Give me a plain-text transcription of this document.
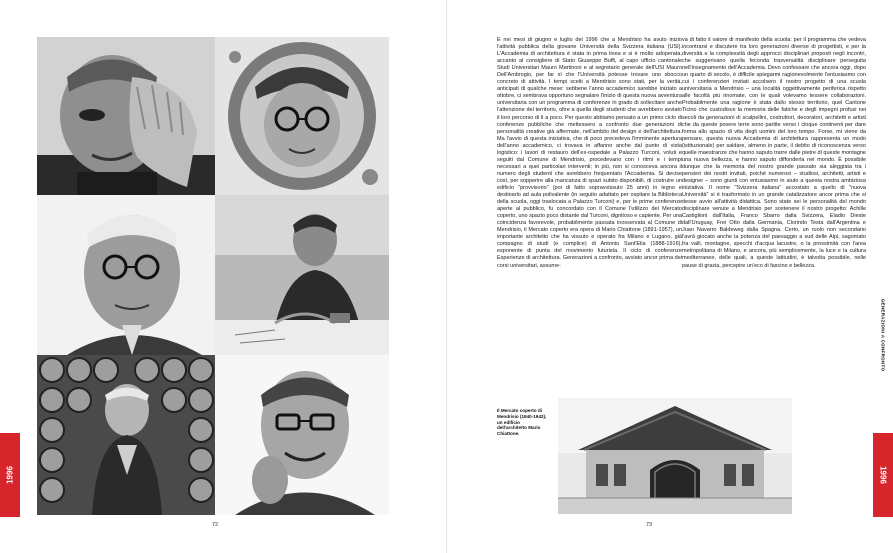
1996	1996
GENERAZIONI A CONFRONTO

È nei mesi di giugno e luglio del 1996 che a Mendrisio ha avuto inizio l'attività pubblica della giovane Università della Svizzera italiana (USI). L'Accademia di architettura è stata in prima linea e si è molto adoperata, accanto al consigliere di Stato Giuseppe Buffi, al capo ufficio cantonale Studi Universitari Mauro Martinoni e al segretario generale dell'USI Mauro Dell'Ambrogio, per far sì che l'Università potesse trovare uno sbocco concreto di attività. I tempi scelti a Mendrisio sono stati, per la verità, anticipati di qualche mese: sebbene l'anno accademico sarebbe iniziato a ottobre, ci sembrava opportuno segnalare l'inizio di questa nuova avventura universitaria con un programma di conferenze in grado di sollecitare anche l'attenzione del territorio, oltre a quella degli studenti che avrebbero avviato il loro percorso di lì a poco. Per questo abbiamo pensato a un primo ciclo di conferenze pubbliche che mettessero a confronto due generazioni di personalità creative già affermate, nell'ambito del design e dell'architettura. Ma l'avvio di questa iniziativa, che di poco precedeva l'imminente apertura dell'anno accademico, ci trovava in affanno anche dal punto di vista logistico: i lavori di restauro dell'ex-ospedale a Palazzo Turconi, voluti e seguiti dal Comune di Mendrisio, procedevano con i ritmi e i tempi necessari a quei particolari interventi; in più, non si conosceva ancora il numero degli studenti che avrebbero frequentato l'Accademia. Si decise così, per sopperire alla mancanza di spazi subito disponibili, di costruire un edificio "provvisorio" (poi di fatto sopravvissuto 25 anni) in legno e destinarlo ad aula polivalente (in seguito adattato per ospitare la Biblioteca della scuola, oggi traslocata a Palazzo Turconi) e, per le prime conferenze aperte al pubblico, fu concordato con il Comune l'utilizzo del Mercato coperto, uno spazio poco distante dal Turconi, dignitoso e capiente. Per una coincidenza favorevole, probabilmente passata inosservata al Comune di Mendrisio, il Mercato coperto era opera di Mario Chiattone (1891-1957), un importante architetto che ha vissuto e operato fra Milano e Lugano, già compagno di studi (e complice) di Antonio Sant'Elia (1888-1916), esponente di punta del movimento futurista. Il ciclo di conferenze Esperienze di architettura. Generazioni a confronto, avviato ancor prima dei corsi universitari, assume-

va di fatto il valore di manifesto della scuola: per il programma che vedeva incontrarsi e discutere tra loro generazioni diverse di progettisti, e per la diversità e la complessità degli approcci disciplinari proposti negli incontri, che suggerivano quella feconda trasversalità disciplinare perseguita nell'insegnamento dell'Accademia. Devo confessare che ancora oggi, dopo un quarto di secolo, è difficile spiegarmi ragionevolmente l'entusiasmo con cui i conferenzieri invitati accolsero il nostro progetto di una scuola universitaria a Mendrisio – una località oggettivamente periferica rispetto alle facoltà più rinomate, con le quali volevamo tessere collaborazioni. Probabilmente una ragione è stata dallo stesso territorio, quel Cantone Ticino che custodisce la memoria delle fatiche e degli impegni profusi nei secoli da generazioni di scalpellini, costruttori, decoratori, architetti e artisti che da queste povere terre sono partite verso i cinque continenti per dare forma allo spazio di vita degli uomini del loro tempo. Forse, mi viene da pensare, questa nuova Accademia di architettura rappresenta un modo (istituzionale) per saldare, almeno in parte, il debito di riconoscenza verso quelle maestranze che hanno saputo trarre dalle pietre di queste montagne una nuova bellezza, e hanno saputo diffonderla nel mondo. È possibile dunque che la memoria del nostro grande passato sia aleggiata tra i pensieri dei nostri invitati, poiché numerosi – studiosi, architetti, artisti e designer – sono giunti con entusiasmo in aiuto a questa nostra ambiziosa iniziativa. Il nome "Svizzera italiana" accostato a quello di "nuova Università" si è trasformato in un grande catalizzatore ancor prima che si desse avvio all'attività didattica. Sono state sei le personalità del mondo disciplinare venute a Mendrisio per sostenere il nostro progetto: Achille Castiglioni dall'Italia, Franco Sbarro dalla Svizzera, Eladio Dieste dall'Uruguay, Frei Otto dalla Germania, Clorindo Testa dall'Argentina e Juan Navarro Baldeweg dalla Spagna. Certo, un ruolo non secondario l'avrà giocato anche la potenza del paesaggio a sud delle Alpi, sagomato fra valli, montagne, specchi d'acqua lacustre, o la prossimità con l'area metropolitana di Milano, e ancora, più semplicemente, la luce e la cultura mediterranee, delle quali, a queste latitudini, è talvolta possibile, nelle pause di grazia, percepire un'eco di fascino e bellezza.

Il Mercato coperto di Mendrisio (1940-1943), un edificio dell'architetto Mario Chiattone.
72	73
